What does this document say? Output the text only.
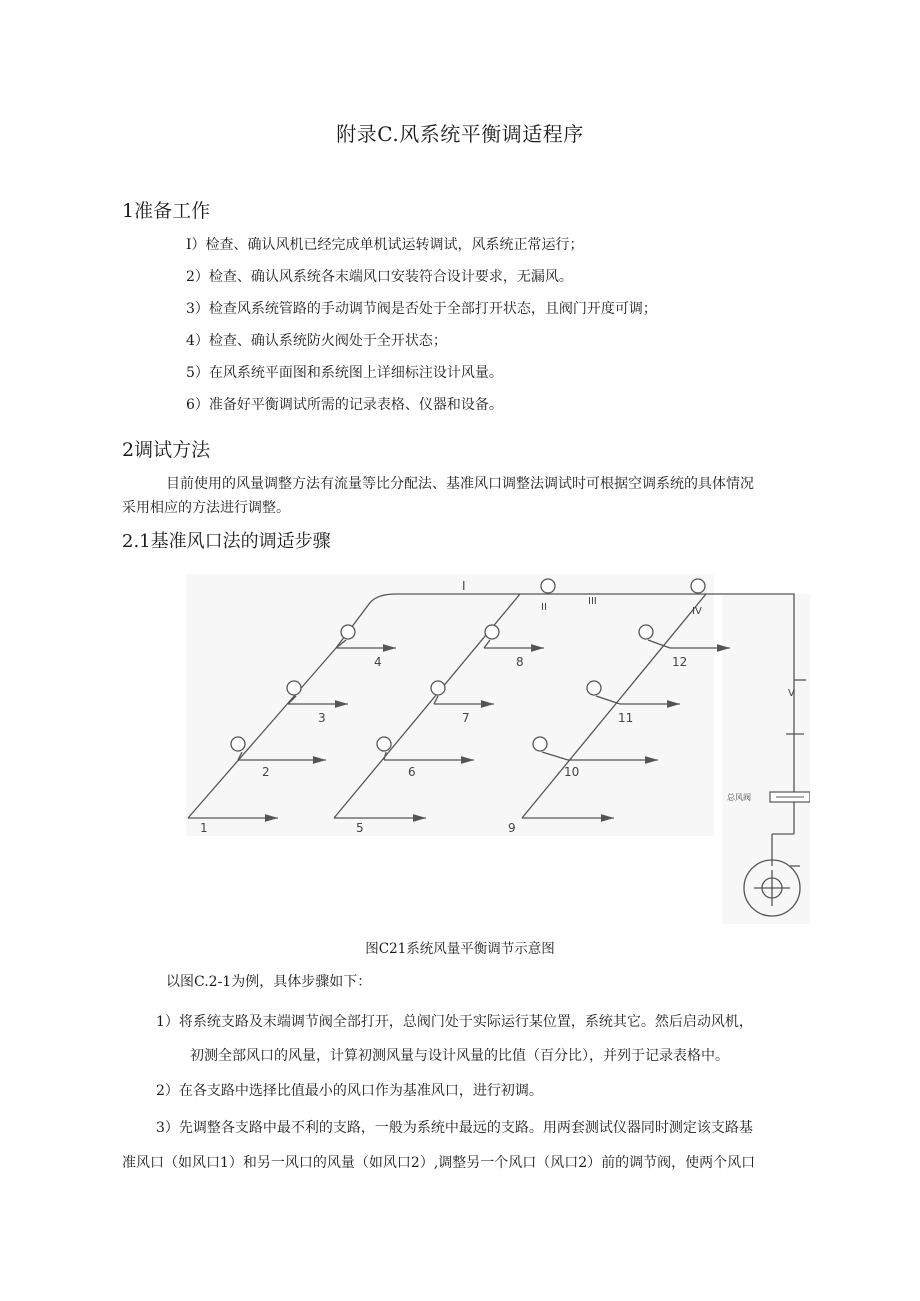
附录C.风系统平衡调适程序
1准备工作
I）检查、确认风机已经完成单机试运转调试，风系统正常运行；
2）检查、确认风系统各末端风口安装符合设计要求，无漏风。
3）检查风系统管路的手动调节阀是否处于全部打开状态，且阀门开度可调；
4）检查、确认系统防火阀处于全开状态；
5）在风系统平面图和系统图上详细标注设计风量。
6）准备好平衡调试所需的记录表格、仪器和设备。
2调试方法
目前使用的风量调整方法有流量等比分配法、基准风口调整法调试时可根据空调系统的具体情况
采用相应的方法进行调整。
2.1基准风口法的调适步骤
1
2
3
4
5
6
7
8
9
10
11
12
I
III
II	IV
V
总风阀
图C21系统风量平衡调节示意图
以图C.2-1为例，具体步骤如下：
1）将系统支路及末端调节阀全部打开，总阀门处于实际运行某位置，系统其它。然后启动风机，
初测全部风口的风量，计算初测风量与设计风量的比值（百分比），并列于记录表格中。
2）在各支路中选择比值最小的风口作为基准风口，进行初调。
3）先调整各支路中最不利的支路，一般为系统中最远的支路。用两套测试仪器同时测定该支路基
准风口（如风口1）和另一风口的风量（如风口2）,调整另一个风口（风口2）前的调节阀，使两个风口
